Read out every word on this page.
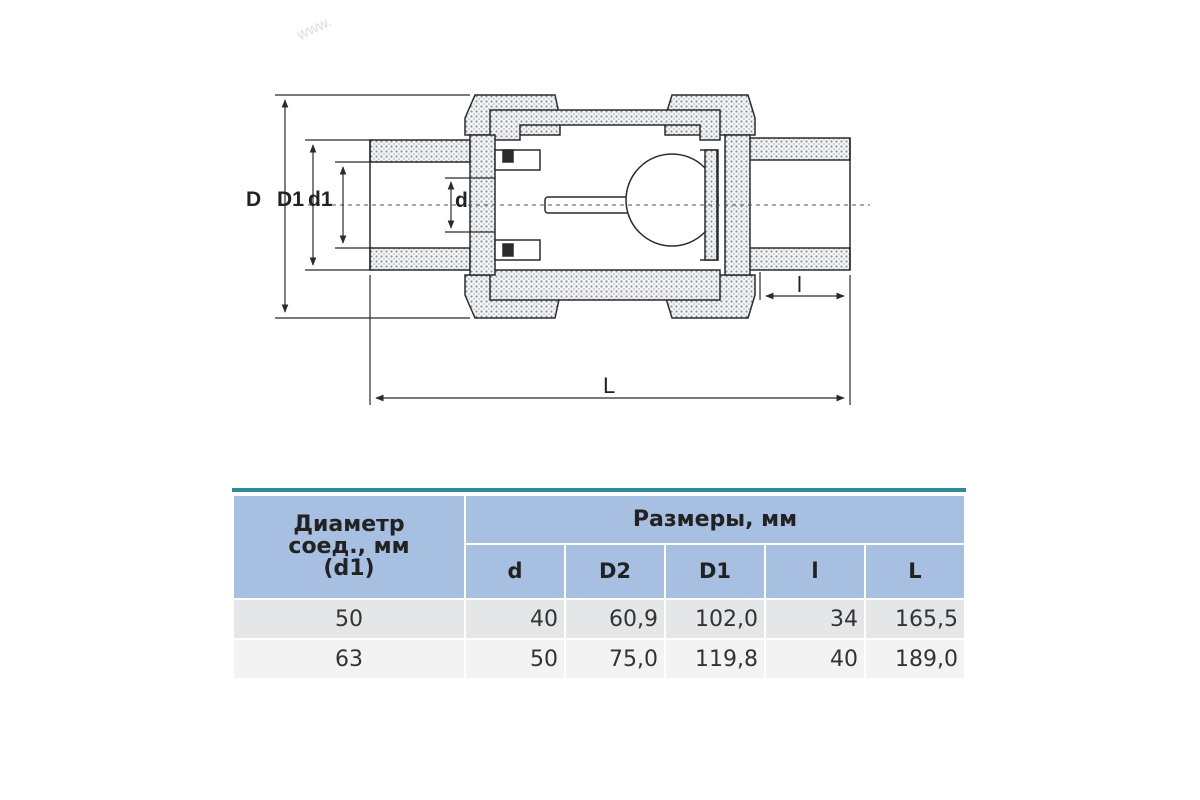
www.
D D1 d1	d
l
L
Диаметр
соед., мм
(d1)	Размеры, мм				
	d	D2	D1	l	L
50	40	60,9	102,0	34	165,5
63	50	75,0	119,8	40	189,0
